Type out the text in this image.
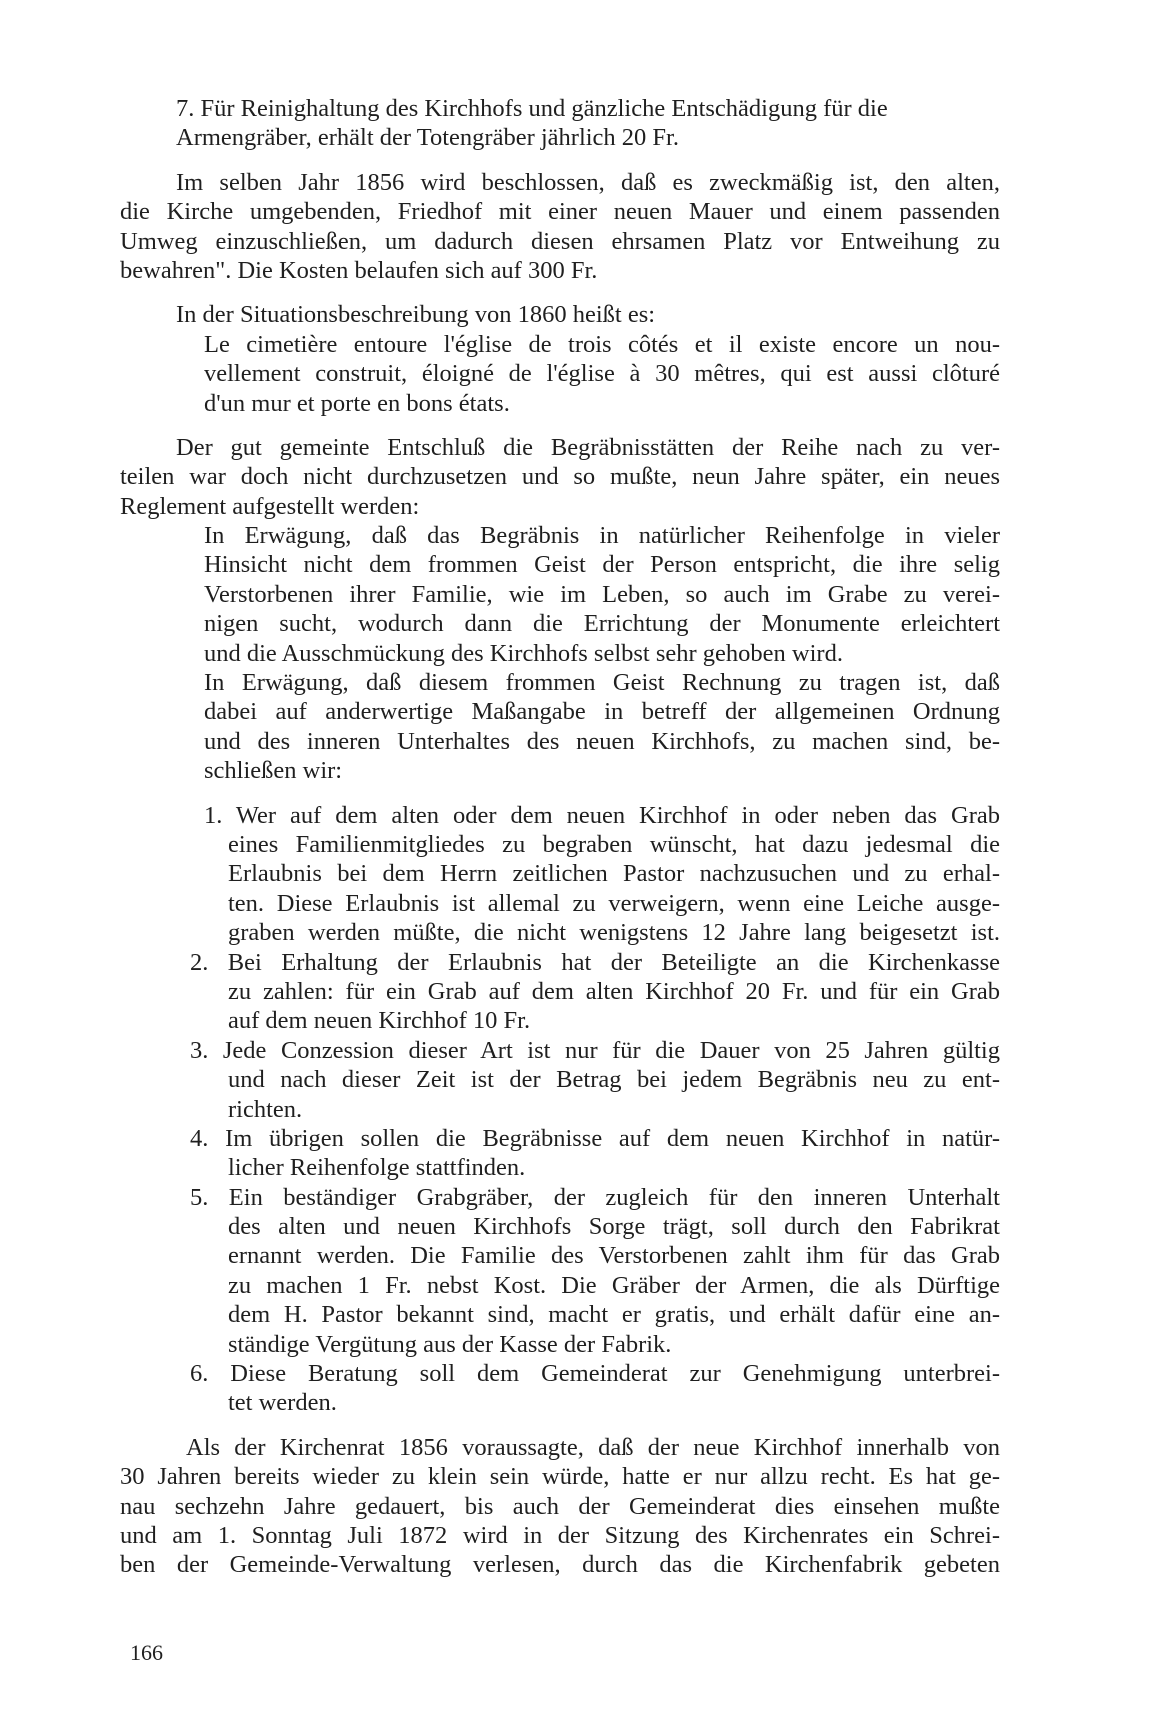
7. Für Reinighaltung des Kirchhofs und gänzliche Entschädigung für die
Armengräber, erhält der Totengräber jährlich 20 Fr.
Im selben Jahr 1856 wird beschlossen, daß es zweckmäßig ist, den alten,
die Kirche umgebenden, Friedhof mit einer neuen Mauer und einem passenden
Umweg einzuschließen, um dadurch diesen ehrsamen Platz vor Entweihung zu
bewahren". Die Kosten belaufen sich auf 300 Fr.
In der Situationsbeschreibung von 1860 heißt es:
Le cimetière entoure l'église de trois côtés et il existe encore un nou-
vellement construit, éloigné de l'église à 30 mêtres, qui est aussi clôturé
d'un mur et porte en bons états.
Der gut gemeinte Entschluß die Begräbnisstätten der Reihe nach zu ver-
teilen war doch nicht durchzusetzen und so mußte, neun Jahre später, ein neues
Reglement aufgestellt werden:
In Erwägung, daß das Begräbnis in natürlicher Reihenfolge in vieler
Hinsicht nicht dem frommen Geist der Person entspricht, die ihre selig
Verstorbenen ihrer Familie, wie im Leben, so auch im Grabe zu verei-
nigen sucht, wodurch dann die Errichtung der Monumente erleichtert
und die Ausschmückung des Kirchhofs selbst sehr gehoben wird.
In Erwägung, daß diesem frommen Geist Rechnung zu tragen ist, daß
dabei auf anderwertige Maßangabe in betreff der allgemeinen Ordnung
und des inneren Unterhaltes des neuen Kirchhofs, zu machen sind, be-
schließen wir:
1. Wer auf dem alten oder dem neuen Kirchhof in oder neben das Grab
eines Familienmitgliedes zu begraben wünscht, hat dazu jedesmal die
Erlaubnis bei dem Herrn zeitlichen Pastor nachzusuchen und zu erhal-
ten. Diese Erlaubnis ist allemal zu verweigern, wenn eine Leiche ausge-
graben werden müßte, die nicht wenigstens 12 Jahre lang beigesetzt ist.
2. Bei Erhaltung der Erlaubnis hat der Beteiligte an die Kirchenkasse
zu zahlen: für ein Grab auf dem alten Kirchhof 20 Fr. und für ein Grab
auf dem neuen Kirchhof 10 Fr.
3. Jede Conzession dieser Art ist nur für die Dauer von 25 Jahren gültig
und nach dieser Zeit ist der Betrag bei jedem Begräbnis neu zu ent-
richten.
4. Im übrigen sollen die Begräbnisse auf dem neuen Kirchhof in natür-
licher Reihenfolge stattfinden.
5. Ein beständiger Grabgräber, der zugleich für den inneren Unterhalt
des alten und neuen Kirchhofs Sorge trägt, soll durch den Fabrikrat
ernannt werden. Die Familie des Verstorbenen zahlt ihm für das Grab
zu machen 1 Fr. nebst Kost. Die Gräber der Armen, die als Dürftige
dem H. Pastor bekannt sind, macht er gratis, und erhält dafür eine an-
ständige Vergütung aus der Kasse der Fabrik.
6. Diese Beratung soll dem Gemeinderat zur Genehmigung unterbrei-
tet werden.
Als der Kirchenrat 1856 voraussagte, daß der neue Kirchhof innerhalb von
30 Jahren bereits wieder zu klein sein würde, hatte er nur allzu recht. Es hat ge-
nau sechzehn Jahre gedauert, bis auch der Gemeinderat dies einsehen mußte
und am 1. Sonntag Juli 1872 wird in der Sitzung des Kirchenrates ein Schrei-
ben der Gemeinde-Verwaltung verlesen, durch das die Kirchenfabrik gebeten
166
